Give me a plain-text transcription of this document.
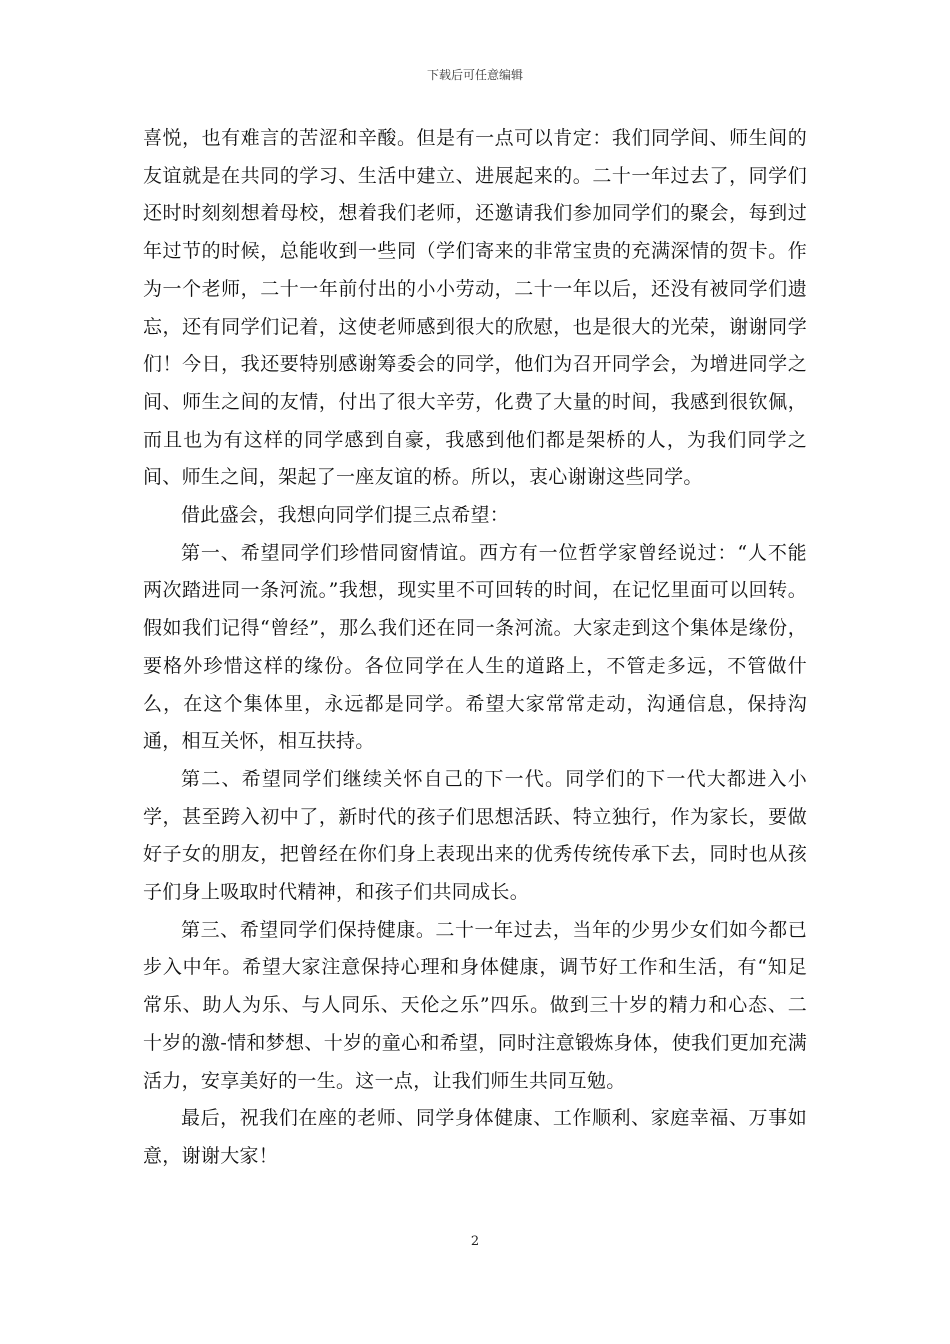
下载后可任意编辑

喜悦，也有难言的苦涩和辛酸。但是有一点可以肯定：我们同学间、师生间的友谊就是在共同的学习、生活中建立、进展起来的。二十一年过去了，同学们还时时刻刻想着母校，想着我们老师，还邀请我们参加同学们的聚会，每到过年过节的时候，总能收到一些同（学们寄来的非常宝贵的充满深情的贺卡。作为一个老师，二十一年前付出的小小劳动，二十一年以后，还没有被同学们遗忘，还有同学们记着，这使老师感到很大的欣慰，也是很大的光荣，谢谢同学们！今日，我还要特别感谢筹委会的同学，他们为召开同学会，为增进同学之间、师生之间的友情，付出了很大辛劳，化费了大量的时间，我感到很钦佩，而且也为有这样的同学感到自豪，我感到他们都是架桥的人，为我们同学之间、师生之间，架起了一座友谊的桥。所以，衷心谢谢这些同学。

借此盛会，我想向同学们提三点希望：

第一、希望同学们珍惜同窗情谊。西方有一位哲学家曾经说过：“人不能两次踏进同一条河流。”我想，现实里不可回转的时间，在记忆里面可以回转。假如我们记得“曾经”，那么我们还在同一条河流。大家走到这个集体是缘份，要格外珍惜这样的缘份。各位同学在人生的道路上，不管走多远，不管做什么，在这个集体里，永远都是同学。希望大家常常走动，沟通信息，保持沟通，相互关怀，相互扶持。

第二、希望同学们继续关怀自己的下一代。同学们的下一代大都进入小学，甚至跨入初中了，新时代的孩子们思想活跃、特立独行，作为家长，要做好子女的朋友，把曾经在你们身上表现出来的优秀传统传承下去，同时也从孩子们身上吸取时代精神，和孩子们共同成长。

第三、希望同学们保持健康。二十一年过去，当年的少男少女们如今都已步入中年。希望大家注意保持心理和身体健康，调节好工作和生活，有“知足常乐、助人为乐、与人同乐、天伦之乐”四乐。做到三十岁的精力和心态、二十岁的激-情和梦想、十岁的童心和希望，同时注意锻炼身体，使我们更加充满活力，安享美好的一生。这一点，让我们师生共同互勉。

最后，祝我们在座的老师、同学身体健康、工作顺利、家庭幸福、万事如意，谢谢大家！

2
